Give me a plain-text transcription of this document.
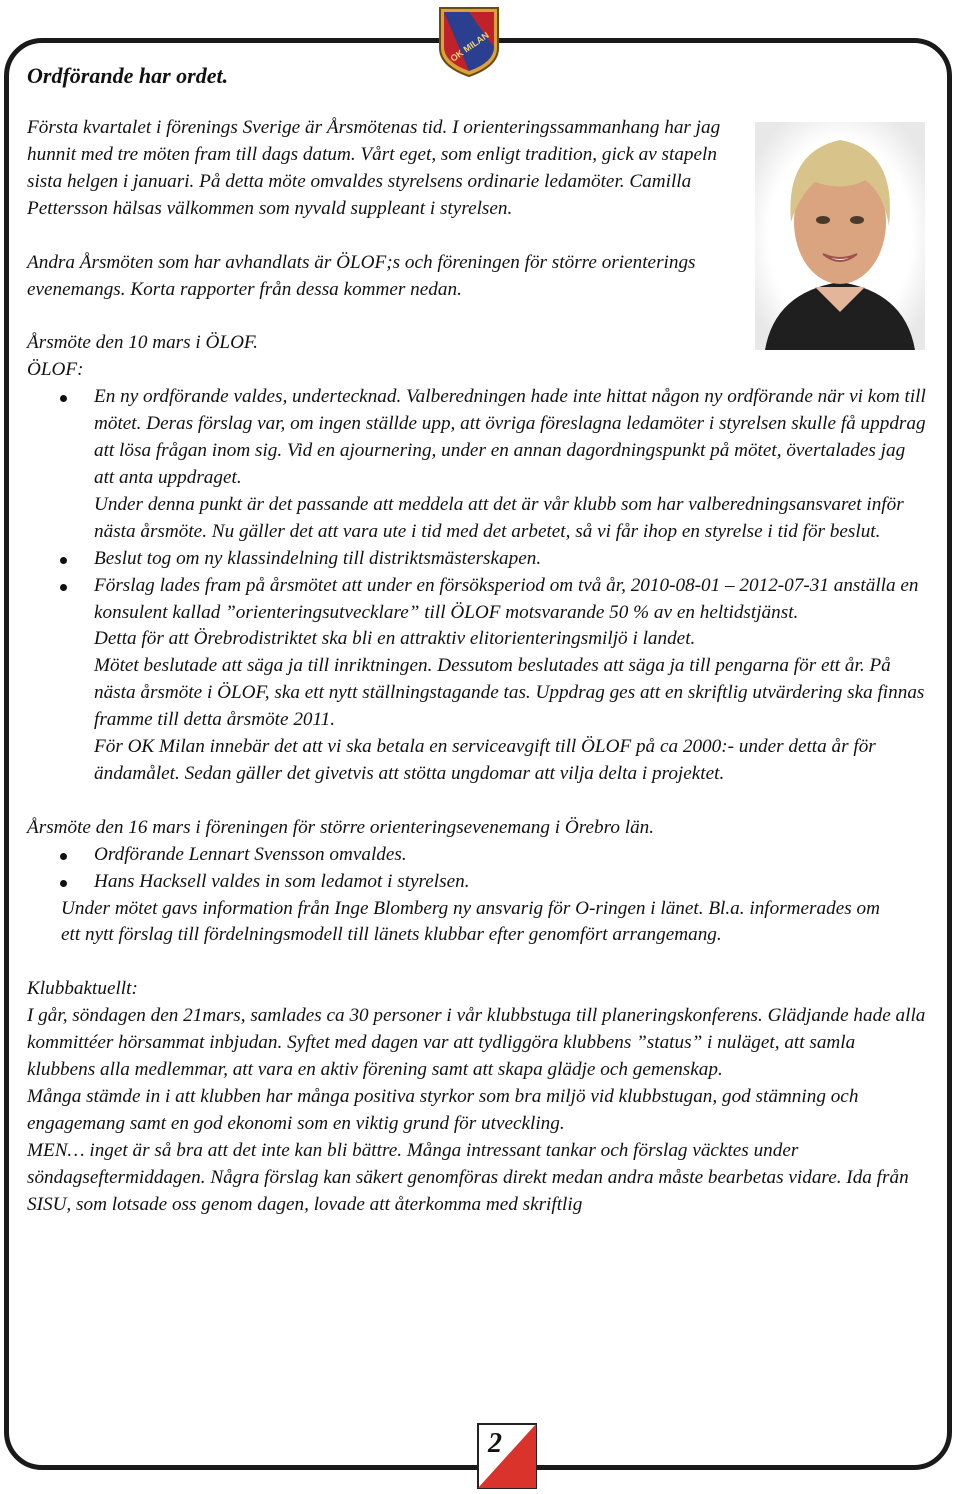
OK MILAN
2

Ordförande har ordet.

Första kvartalet i förenings Sverige är Årsmötenas tid. I orienteringssammanhang har jag hunnit med tre möten fram till dags datum. Vårt eget, som enligt tradition, gick av stapeln sista helgen i januari. På detta möte omvaldes styrelsens ordinarie ledamöter. Camilla Pettersson hälsas välkommen som nyvald suppleant i styrelsen.

Andra Årsmöten som har avhandlats är ÖLOF;s och föreningen för större orienterings evenemangs. Korta rapporter från dessa kommer nedan.

Årsmöte den 10 mars i ÖLOF.

ÖLOF:

En ny ordförande valdes, undertecknad. Valberedningen hade inte hittat någon ny ordförande när vi kom till mötet. Deras förslag var, om ingen ställde upp, att övriga föreslagna ledamöter i styrelsen skulle få uppdrag att lösa frågan inom sig. Vid en ajournering, under en annan dagordningspunkt på mötet, övertalades jag att anta uppdraget.

Under denna punkt är det passande att meddela att det är vår klubb som har valberedningsansvaret inför nästa årsmöte. Nu gäller det att vara ute i tid med det arbetet, så vi får ihop en styrelse i tid för beslut.

Beslut tog om ny klassindelning till distriktsmästerskapen.
Förslag lades fram på årsmötet att under en försöksperiod om två år, 2010-08-01 – 2012-07-31 anställa en konsulent kallad ”orienteringsutvecklare” till ÖLOF motsvarande 50 % av en heltidstjänst.

Detta för att Örebrodistriktet ska bli en attraktiv elitorienteringsmiljö i landet.

Mötet beslutade att säga ja till inriktningen. Dessutom beslutades att säga ja till pengarna för ett år. På nästa årsmöte i ÖLOF, ska ett nytt ställningstagande tas. Uppdrag ges att en skriftlig utvärdering ska finnas framme till detta årsmöte 2011.

För OK Milan innebär det att vi ska betala en serviceavgift till ÖLOF på ca 2000:- under detta år för ändamålet. Sedan gäller det givetvis att stötta ungdomar att vilja delta i projektet.

Årsmöte den 16 mars i föreningen för större orienteringsevenemang i Örebro län.

Ordförande Lennart Svensson omvaldes.
Hans Hacksell valdes in som ledamot i styrelsen.

Under mötet gavs information från Inge Blomberg ny ansvarig för O-ringen i länet. Bl.a. informerades om ett nytt förslag till fördelningsmodell till länets klubbar efter genomfört arrangemang.

Klubbaktuellt:

I går, söndagen den 21mars, samlades ca 30 personer i vår klubbstuga till planeringskonferens. Glädjande hade alla kommittéer hörsammat inbjudan. Syftet med dagen var att tydliggöra klubbens ”status” i nuläget, att samla klubbens alla medlemmar, att vara en aktiv förening samt att skapa glädje och gemenskap.

Många stämde in i att klubben har många positiva styrkor som bra miljö vid klubbstugan, god stämning och engagemang samt en god ekonomi som en viktig grund för utveckling.

MEN… inget är så bra att det inte kan bli bättre. Många intressant tankar och förslag väcktes under söndagseftermiddagen. Några förslag kan säkert genomföras direkt medan andra måste bearbetas vidare. Ida från SISU, som lotsade oss genom dagen, lovade att återkomma med skriftlig
